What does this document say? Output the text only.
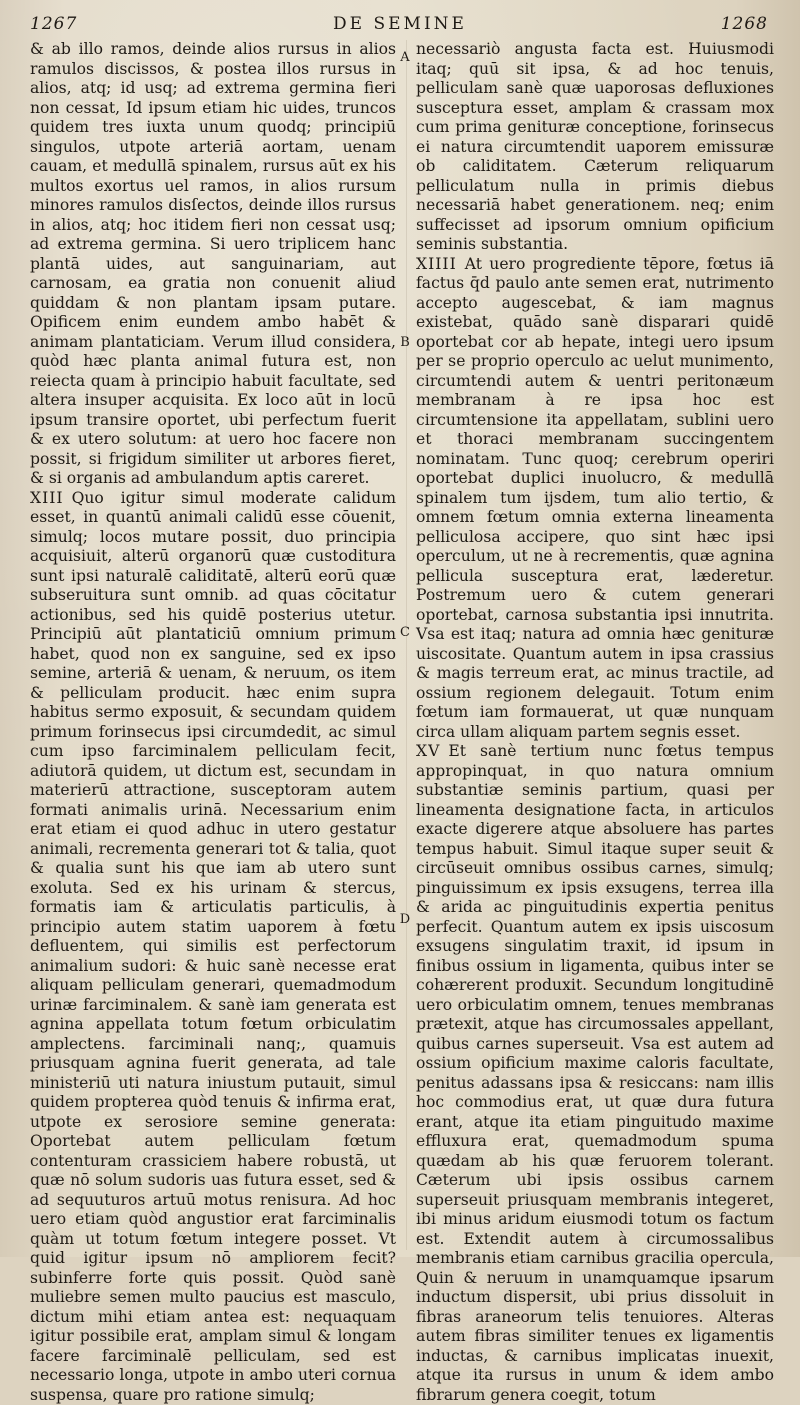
1267	DE SEMINE	1268

& ab illo ramos, deinde alios rursus in alios ramulos discissos, & postea illos rursus in alios, atq; id usq; ad extrema germina fieri non cessat, Id ipsum etiam hic uides, truncos quidem tres iuxta unum quodq; principiū singulos, utpote arteriā aortam, uenam cauam, et medullā spinalem, rursus aūt ex his multos exortus uel ramos, in alios rursum minores ramulos disſectos, deinde illos rursus in alios, atq; hoc itidem fieri non cessat usq; ad extrema germina. Si uero triplicem hanc plantā uides, aut sanguinariam, aut carnosam, ea gratia non conuenit aliud quiddam & non plantam ipsam putare. Opificem enim eundem ambo habēt & animam plantaticiam. Verum illud considera, quòd hæc planta animal futura est, non reiecta quam à principio habuit facultate, sed altera insuper acquisita. Ex loco aūt in locū ipsum transire oportet, ubi perfectum fuerit & ex utero solutum: at uero hoc facere non possit, si frigidum similiter ut arbores fieret, & si organis ad ambulandum aptis careret.

XIII Quo igitur simul moderate calidum esset, in quantū animali calidū esse cōuenit, simulq; locos mutare possit, duo principia acquisiuit, alterū organorū quæ custoditura sunt ipsi naturalē caliditatē, alterū eorū quæ subseruitura sunt omnib. ad quas cōcitatur actionibus, sed his quidē posterius utetur. Principiū aūt plantaticiū omnium primum habet, quod non ex sanguine, sed ex ipso semine, arteriā & uenam, & neruum, os item & pelliculam producit. hæc enim supra habitus sermo exposuit, & secundam quidem primum forinsecus ipsi circumdedit, ac simul cum ipso farciminalem pelliculam fecit, adiutorā quidem, ut dictum est, secundam in materierū attractione, susceptoram autem formati animalis urinā. Necessarium enim erat etiam ei quod adhuc in utero gestatur animali, recrementa generari tot & talia, quot & qualia sunt his que iam ab utero sunt exoluta. Sed ex his urinam & stercus, formatis iam & articulatis particulis, à principio autem statim uaporem à fœtu defluentem, qui similis est perfectorum animalium sudori: & huic sanè necesse erat aliquam pelliculam generari, quemadmodum urinæ farciminalem. & sanè iam generata est agnina appellata totum fœtum orbiculatim amplectens. farciminali nanq;, quamuis priusquam agnina fuerit generata, ad tale ministeriū uti natura iniustum putauit, simul quidem propterea quòd tenuis & infirma erat, utpote ex serosiore semine generata: Oportebat autem pelliculam fœtum contenturam crassiciem habere robustā, ut quæ nō solum sudoris uas futura esset, sed & ad sequuturos artuū motus renisura. Ad hoc uero etiam quòd angustior erat farciminalis quàm ut totum fœtum integere posset. Vt quid igitur ipsum nō ampliorem fecit? subinferre forte quis possit. Quòd sanè muliebre semen multo paucius est masculo, dictum mihi etiam antea est: nequaquam igitur possibile erat, amplam simul & longam facere farciminalē pelliculam, sed est necessario longa, utpote in ambo uteri cornua suspensa, quare pro ratione simulq;

A
B
C
D

necessariò angusta facta est. Huiusmodi itaq; quū sit ipsa, & ad hoc tenuis, pelliculam sanè quæ uaporosas defluxiones susceptura esset, amplam & crassam mox cum prima genituræ conceptione, forinsecus ei natura circumtendit uaporem emissuræ ob caliditatem. Cæterum reliquarum pelliculatum nulla in primis diebus necessariā habet generationem. neq; enim suffecisset ad ipsorum omnium opificium seminis substantia.

XIIII At uero progrediente tēpore, fœtus iā factus q̄d paulo ante semen erat, nutrimento accepto augescebat, & iam magnus existebat, quādo sanè disparari quidē oportebat cor ab hepate, integi uero ipsum per se proprio operculo ac uelut munimento, circumtendi autem & uentri peritonæum membranam à re ipsa hoc est circumtensione ita appellatam, sublini uero et thoraci membranam succingentem nominatam. Tunc quoq; cerebrum operiri oportebat duplici inuolucro, & medullā spinalem tum ijsdem, tum alio tertio, & omnem fœtum omnia externa lineamenta pelliculosa accipere, quo sint hæc ipsi operculum, ut ne à recrementis, quæ agnina pellicula susceptura erat, læderetur. Postremum uero & cutem generari oportebat, carnosa substantia ipsi innutrita. Vsa est itaq; natura ad omnia hæc genituræ uiscositate. Quantum autem in ipsa crassius & magis terreum erat, ac minus tractile, ad ossium regionem delegauit. Totum enim fœtum iam formauerat, ut quæ nunquam circa ullam aliquam partem segnis esset.

XV Et sanè tertium nunc fœtus tempus appropinquat, in quo natura omnium substantiæ seminis partium, quasi per lineamenta designatione facta, in articulos exacte digerere atque absoluere has partes tempus habuit. Simul itaque super seuit & circūseuit omnibus ossibus carnes, simulq; pinguissimum ex ipsis exsugens, terrea illa & arida ac pinguitudinis expertia penitus perfecit. Quantum autem ex ipsis uiscosum exsugens singulatim traxit, id ipsum in finibus ossium in ligamenta, quibus inter se cohærerent produxit. Secundum longitudinē uero orbiculatim omnem, tenues membranas prætexit, atque has circumossales appellant, quibus carnes superseuit. Vsa est autem ad ossium opificium maxime caloris facultate, penitus adassans ipsa & resiccans: nam illis hoc commodius erat, ut quæ dura futura erant, atque ita etiam pinguitudo maxime effluxura erat, quemadmodum spuma quædam ab his quæ feruorem tolerant. Cæterum ubi ipsis ossibus carnem superseuit priusquam membranis integeret, ibi minus aridum eiusmodi totum os factum est. Extendit autem à circumossalibus membranis etiam carnibus gracilia opercula, Quin & neruum in unamquamque ipsarum inductum dispersit, ubi prius dissoluit in fibras araneorum telis tenuiores. Alteras autem fibras similiter tenues ex ligamentis inductas, & carnibus implicatas inuexit, atque ita rursus in unum & idem ambo fibrarum genera coegit, totum
